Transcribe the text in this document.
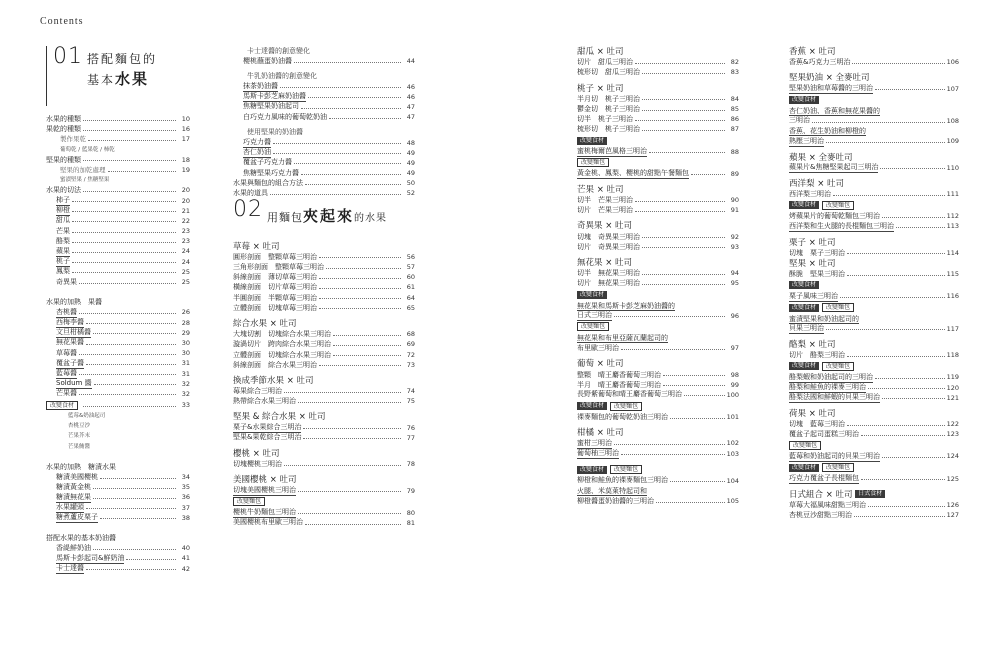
Contents
01 搭配麵包的
基本水果
水果的種類	10
果乾的種類	16
製作果乾	17
葡萄乾 / 藍果乾 / 柿乾
堅果的種類	18
堅果的加乾處理	19
蜜漬堅果 / 焦糖堅果
水果的切法	20
柿子	20
柳橙	21
甜瓜	22
芒果	23
酪梨	23
蘋果	24
桃子	24
鳳梨	25
奇異果	25
水果的加熱　果醬
杏桃醬	26
西梅李醬	28
文旦柑橘醬	29
無花果醬	30
草莓醬	30
覆盆子醬	31
藍莓醬	31
Soldum 醬	32
芒果醬	32
改變食材	33
藍莓&奶油起司
杏桃豆沙
芒果芥末
芒果鮪醬
水果的加熱　糖漬水果
糖漬美國櫻桃	34
糖漬黃金桃	35
糖漬無花果	36
水果罐頭	37
糖煮蘆皮栗子	38
搭配水果的基本奶油醬
香緹鮮奶油	40
馬斯卡彭起司&鮮奶油	41
卡士達醬	42
卡士達醬的創意變化
櫻桃蘸蛋奶油醬	44
牛乳奶油醬的創意變化
抹茶奶油醬	46
馬斯卡彭芝麻奶油醬	46
焦糖堅果奶油起司	47
白巧克力風味的葡萄乾奶油	47
使用堅果的奶油醬
巧克力醬	48
杏仁奶油	49
覆盆子巧克力醬	49
焦糖堅果巧克力醬	49
水果與麵包的組合方法	50
水果的道具	52
02 用麵包夾起來的水果
草莓 × 吐司
圓形剖面　整顆草莓三明治	56
三角形剖面　整顆草莓三明治	57
斜線剖面　薄切草莓三明治	60
橫線剖面　切片草莓三明治	61
半圓剖面　半顆草莓三明治	64
立體剖面　切塊草莓三明治	65
綜合水果 × 吐司
大塊切割　切塊綜合水果三明治	68
漩渦切片　跨肉綜合水果三明治	69
立體剖面　切塊綜合水果三明治	72
斜線剖面　綜合水果三明治	73
換成季節水果 × 吐司
莓果綜合三明治	74
熱帶綜合水果三明治	75
堅果 & 綜合水果 × 吐司
栗子&水果綜合三明治	76
堅果&果乾綜合三明治	77
櫻桃 × 吐司
切塊櫻桃三明治	78
美國櫻桃 × 吐司
切塊美國櫻桃三明治	79
改變麵包
櫻桃牛奶麵包三明治	80
美國櫻桃布里歐三明治	81
甜瓜 × 吐司
切片　甜瓜三明治	82
梳形切　甜瓜三明治	83
桃子 × 吐司
半月切　桃子三明治	84
鬱金切　桃子三明治	85
切半　桃子三明治	86
梳形切　桃子三明治	87
改變食材
蜜桃梅爾芭風格三明治	88
改變麵包
黃金桃、鳳梨、櫻桃的甜點午餐麵包	89
芒果 × 吐司
切半　芒果三明治	90
切片　芒果三明治	91
奇異果 × 吐司
切塊　奇異果三明治	92
切片　奇異果三明治	93
無花果 × 吐司
切半　無花果三明治	94
切片　無花果三明治	95
改變食材
無花果和馬斯卡彭芝麻奶油醬的
日式三明治	96
改變麵包
無花果和布里亞薩瓦蘭起司的
布里歐三明治	97
葡萄 × 吐司
整顆　晴王麝香葡萄三明治	98
半月　晴王麝香葡萄三明治	99
長野紫葡萄和晴王麝香葡萄三明治	100
改變食材 改變麵包
裸麥麵包的葡萄乾奶油三明治	101
柑橘 × 吐司
蜜柑三明治	102
葡萄柚三明治	103
改變食材 改變麵包
柳橙和鮭魚的裸麥麵包三明治	104
火腿、米莫萊特起司和
柳橙醬蛋奶油醬的三明治	105
香蕉 × 吐司
香蕉&巧克力三明治	106
堅果奶油 × 全麥吐司
堅果奶油和草莓醬的三明治	107
改變食材
杏仁奶油、香蕉和無花果醬的
三明治	108
香蕉、花生奶油和柳橙的
熱壓三明治	109
蘋果 × 全麥吐司
蘋果片&焦糖堅果起司三明治	110
西洋梨 × 吐司
西洋梨三明治	111
改變食材 改變麵包
烤蘋果片的葡萄乾麵包三明治	112
西洋梨和生火腿的長棍麵包三明治	113
栗子 × 吐司
切塊　栗子三明治	114
堅果 × 吐司
酥脆　堅果三明治	115
改變食材
栗子風味三明治	116
改變食材 改變麵包
蜜漬堅果和奶油起司的
貝果三明治	117
酪梨 × 吐司
切片　酪梨三明治	118
改變食材 改變麵包
酪梨蝦和奶油起司的三明治	119
酪梨和鮭魚的裸麥三明治	120
酪梨法國和鮮蝦的貝果三明治	121
荷果 × 吐司
切塊　藍莓三明治	122
覆盆子起司蛋糕三明治	123
改變麵包
藍莓和奶油起司的貝果三明治	124
改變食材 改變麵包
巧克力覆盆子長棍麵包	125
日式組合 × 吐司 日式食材
草莓大福風味甜點三明治	126
杏桃豆沙甜點三明治	127
